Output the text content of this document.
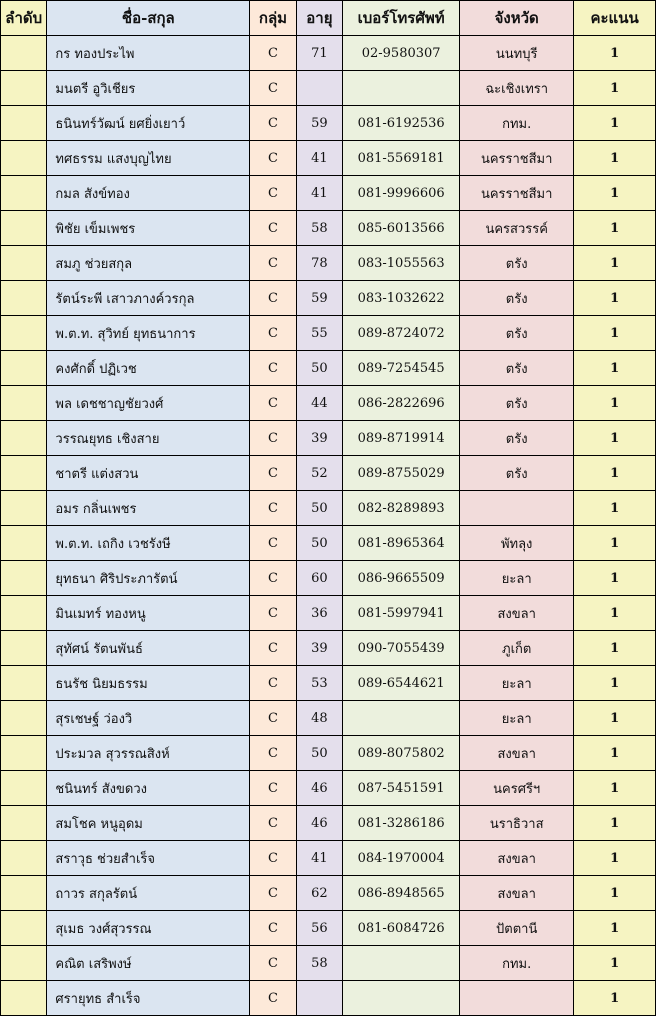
ลำดับ	ชื่อ-สกุล	กลุ่ม	อายุ	เบอร์โทรศัพท์	จังหวัด	คะแนน
	กร ทองประไพ	C	71	02-9580307	นนทบุรี	1
	มนตรี อูวิเชียร	C			ฉะเชิงเทรา	1
	ธนินทร์วัฒน์ ยศยิ่งเยาว์	C	59	081-6192536	กทม.	1
	ทศธรรม แสงบุญไทย	C	41	081-5569181	นครราชสีมา	1
	กมล สังข์ทอง	C	41	081-9996606	นครราชสีมา	1
	พิชัย เข็มเพชร	C	58	085-6013566	นครสวรรค์	1
	สมภู ช่วยสกุล	C	78	083-1055563	ตรัง	1
	รัตน์ระพี เสาวภางค์วรกุล	C	59	083-1032622	ตรัง	1
	พ.ต.ท. สุวิทย์ ยุทธนาการ	C	55	089-8724072	ตรัง	1
	คงศักดิ์ ปฏิเวช	C	50	089-7254545	ตรัง	1
	พล เดชชาญชัยวงศ์	C	44	086-2822696	ตรัง	1
	วรรณยุทธ เชิงสาย	C	39	089-8719914	ตรัง	1
	ชาตรี แต่งสวน	C	52	089-8755029	ตรัง	1
	อมร กลิ่นเพชร	C	50	082-8289893		1
	พ.ต.ท. เถกิง เวชรังษี	C	50	081-8965364	พัทลุง	1
	ยุทธนา ศิริประภารัตน์	C	60	086-9665509	ยะลา	1
	มินเมทร์ ทองหนู	C	36	081-5997941	สงขลา	1
	สุทัศน์ รัตนพันธ์	C	39	090-7055439	ภูเก็ต	1
	ธนรัช นิยมธรรม	C	53	089-6544621	ยะลา	1
	สุรเชษฐ์ ว่องวิ	C	48		ยะลา	1
	ประมวล สุวรรณสิงห์	C	50	089-8075802	สงขลา	1
	ชนินทร์ สังขดวง	C	46	087-5451591	นครศรีฯ	1
	สมโชค หนูอุดม	C	46	081-3286186	นราธิวาส	1
	สราวุธ ช่วยสำเร็จ	C	41	084-1970004	สงขลา	1
	ถาวร สกุลรัตน์	C	62	086-8948565	สงขลา	1
	สุเมธ วงศ์สุวรรณ	C	56	081-6084726	ปัตตานี	1
	คณิต เสริพงษ์	C	58		กทม.	1
	ศรายุทธ สำเร็จ	C				1
